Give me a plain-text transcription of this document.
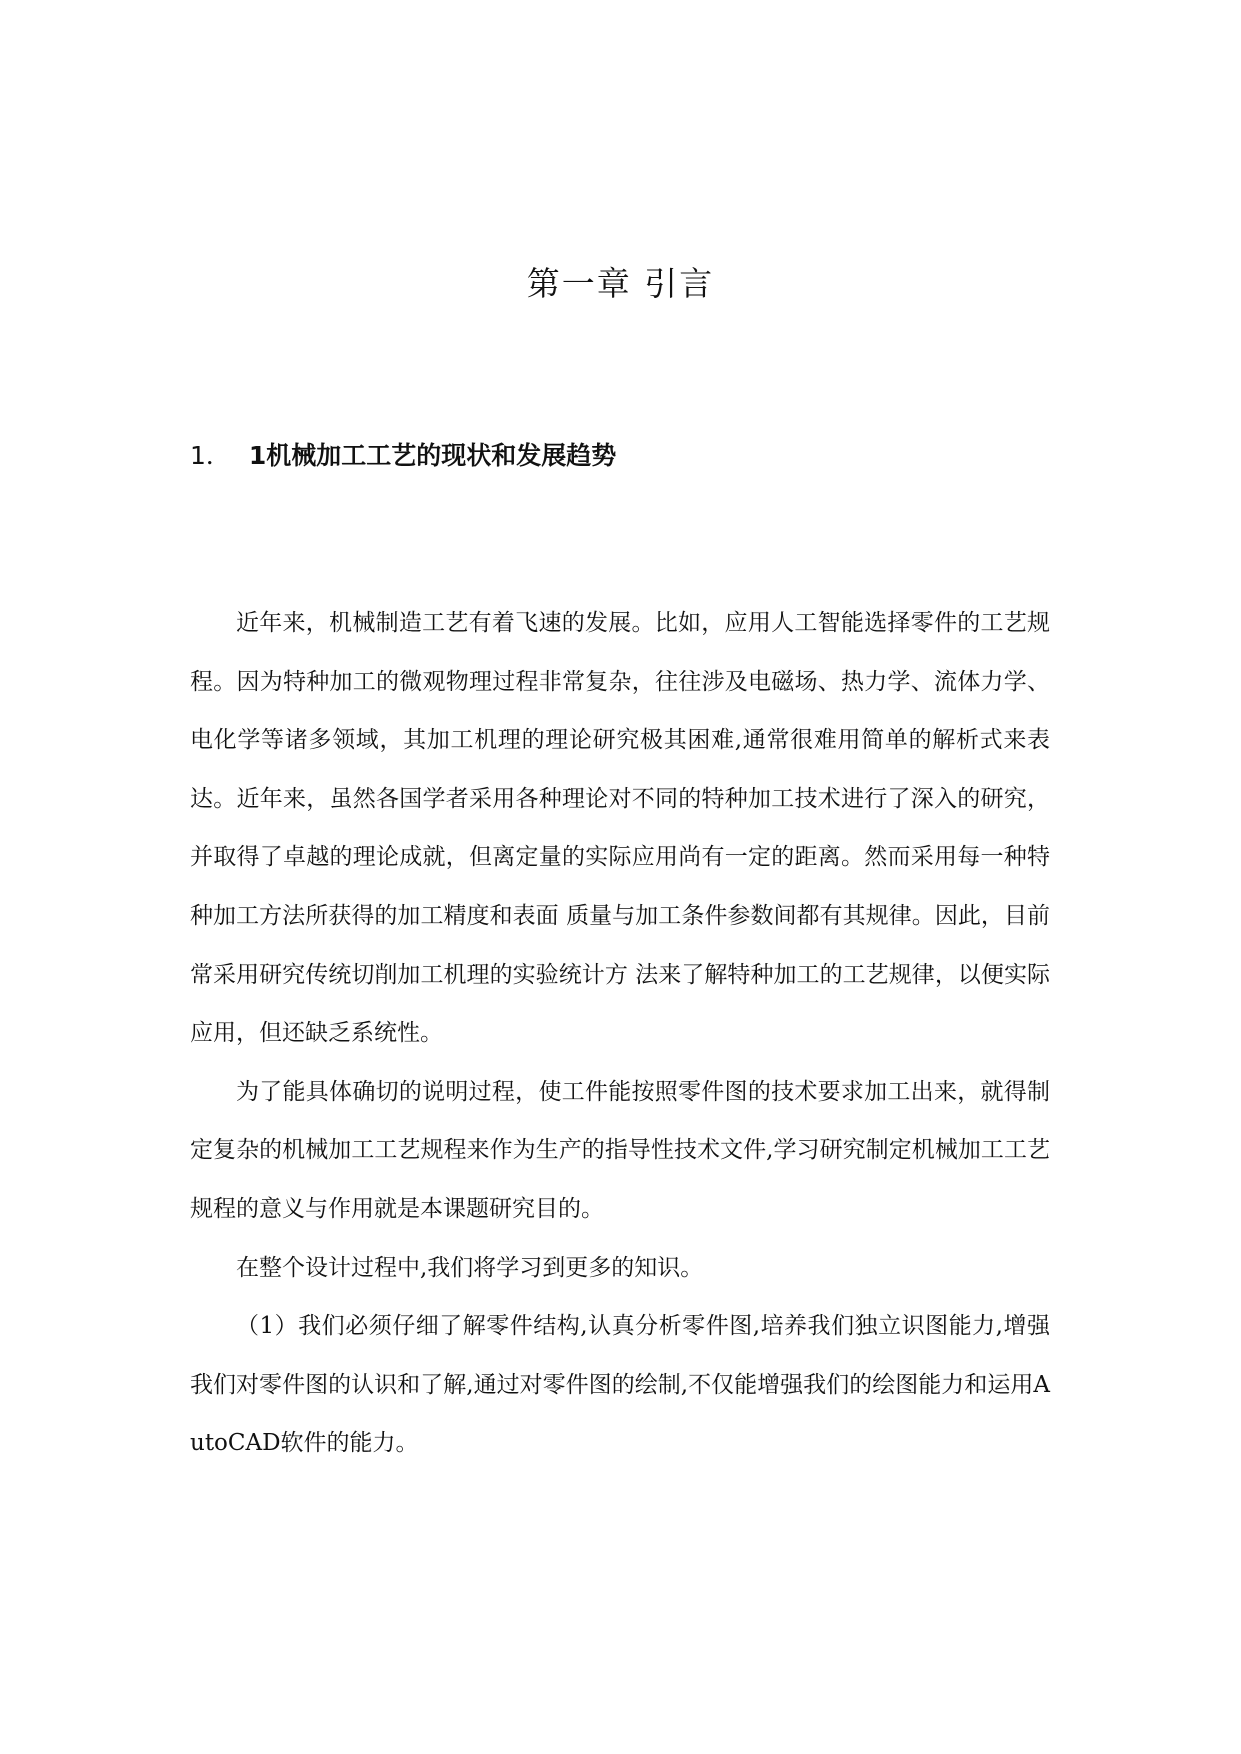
第一章 引言
1． 1机械加工工艺的现状和发展趋势

近年来，机械制造工艺有着飞速的发展。比如，应用人工智能选择零件的工艺规程。因为特种加工的微观物理过程非常复杂，往往涉及电磁场、热力学、流体力学、电化学等诸多领域，其加工机理的理论研究极其困难,通常很难用简单的解析式来表达。近年来，虽然各国学者采用各种理论对不同的特种加工技术进行了深入的研究，并取得了卓越的理论成就，但离定量的实际应用尚有一定的距离。然而采用每一种特种加工方法所获得的加工精度和表面 质量与加工条件参数间都有其规律。因此，目前常采用研究传统切削加工机理的实验统计方 法来了解特种加工的工艺规律，以便实际应用，但还缺乏系统性。

为了能具体确切的说明过程，使工件能按照零件图的技术要求加工出来，就得制定复杂的机械加工工艺规程来作为生产的指导性技术文件,学习研究制定机械加工工艺规程的意义与作用就是本课题研究目的。

在整个设计过程中,我们将学习到更多的知识。

（1）我们必须仔细了解零件结构,认真分析零件图,培养我们独立识图能力,增强我们对零件图的认识和了解,通过对零件图的绘制,不仅能增强我们的绘图能力和运用AutoCAD软件的能力。
